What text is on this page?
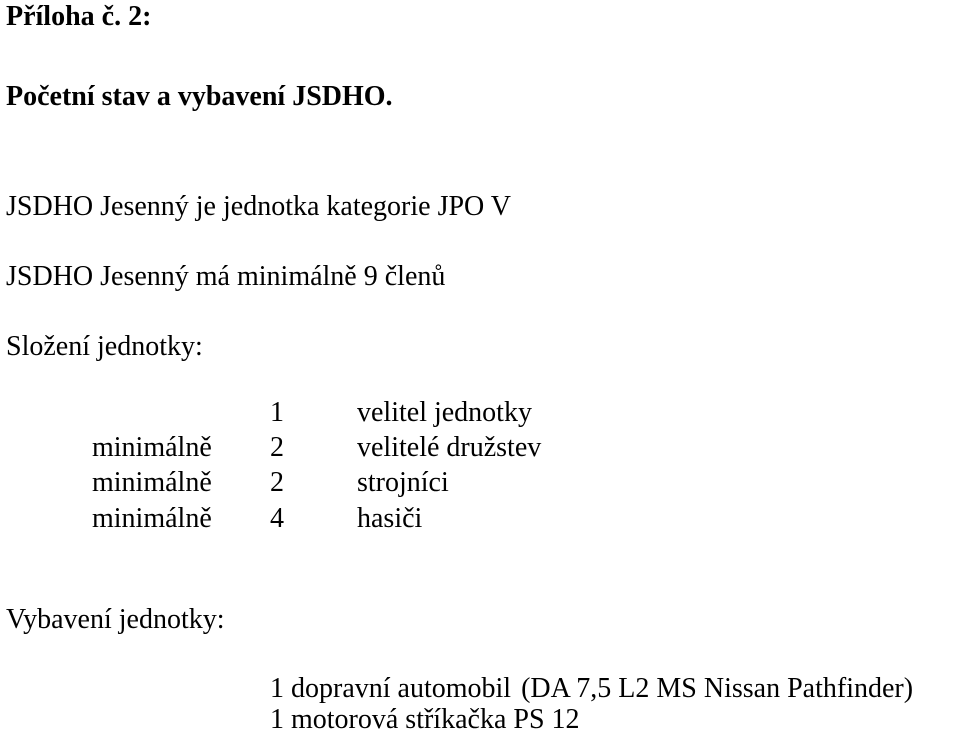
Příloha č. 2:
Početní stav a vybavení JSDHO.
JSDHO Jesenný je jednotka kategorie JPO V
JSDHO Jesenný má minimálně 9 členů
Složení jednotky:
1	velitel jednotky
minimálně 2	velitelé družstev
minimálně 2	strojníci
minimálně 4	hasiči
Vybavení jednotky:
1 dopravní automobil (DA 7,5 L2 MS Nissan Pathfinder)
1 motorová stříkačka PS 12
